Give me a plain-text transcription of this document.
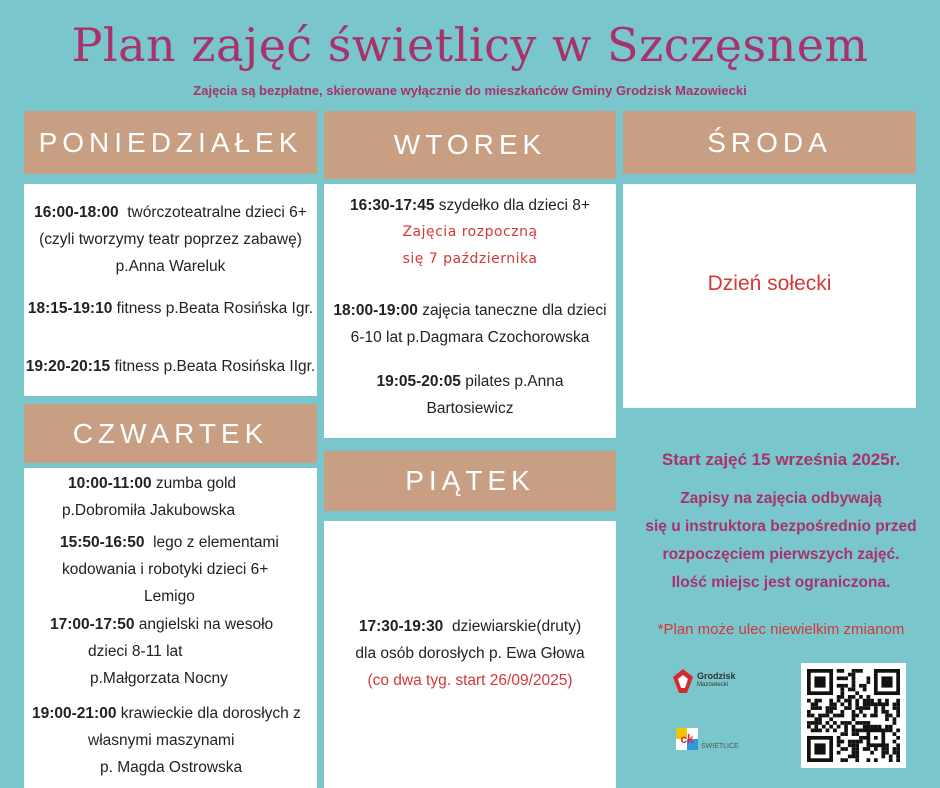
Plan zajęć świetlicy w Szczęsnem
Zajęcia są bezpłatne, skierowane wyłącznie do mieszkańców Gminy Grodzisk Mazowiecki
PONIEDZIAŁEK
16:00-18:00 twórczoteatralne dzieci 6+
(czyli tworzymy teatr poprzez zabawę)
p.Anna Wareluk
18:15-19:10 fitness p.Beata Rosińska Igr.
19:20-20:15 fitness p.Beata Rosińska IIgr.
WTOREK
16:30-17:45 szydełko dla dzieci 8+
Zajęcia rozpoczną
się 7 października
18:00-19:00 zajęcia taneczne dla dzieci
6-10 lat p.Dagmara Czochorowska
19:05-20:05 pilates p.Anna
Bartosiewicz
ŚRODA
Dzień sołecki
CZWARTEK
10:00-11:00 zumba gold
p.Dobromiła Jakubowska
15:50-16:50 lego z elementami
kodowania i robotyki dzieci 6+
Lemigo
17:00-17:50 angielski na wesoło
dzieci 8-11 lat
p.Małgorzata Nocny
19:00-21:00 krawieckie dla dorosłych z
własnymi maszynami
p. Magda Ostrowska
PIĄTEK
17:30-19:30 dziewiarskie(druty)
dla osób dorosłych p. Ewa Głowa
(co dwa tyg. start 26/09/2025)
Start zajęć 15 września 2025r.
Zapisy na zajęcia odbywają
się u instruktora bezpośrednio przed
rozpoczęciem pierwszych zajęć.
Ilość miejsc jest ograniczona.
*Plan może ulec niewielkim zmianom
Grodzisk
Mazowiecki
ck	ŚWIETLICE
